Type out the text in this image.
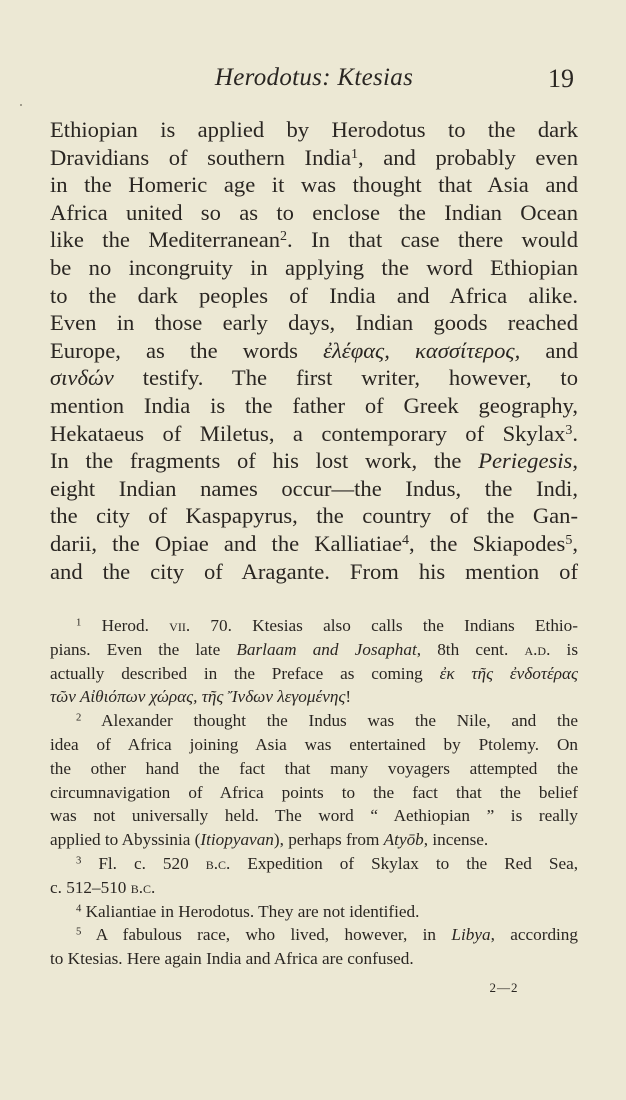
Herodotus: Ktesias	19
Ethiopian is applied by Herodotus to the dark
Dravidians of southern India$^1$, and probably even
in the Homeric age it was thought that Asia and
Africa united so as to enclose the Indian Ocean
like the Mediterranean$^2$. In that case there would
be no incongruity in applying the word Ethiopian
to the dark peoples of India and Africa alike.
Even in those early days, Indian goods reached
Europe, as the words ἐλέφας, κασσίτερος, and
σινδών testify. The first writer, however, to
mention India is the father of Greek geography,
Hekataeus of Miletus, a contemporary of Skylax$^3$.
In the fragments of his lost work, the Periegesis,
eight Indian names occur—the Indus, the Indi,
the city of Kaspapyrus, the country of the Gan-
darii, the Opiae and the Kalliatiae$^4$, the Skiapodes$^5$,
and the city of Aragante. From his mention of
$^1$ Herod. vii. 70. Ktesias also calls the Indians Ethio-
pians. Even the late Barlaam and Josaphat, 8th cent. a.d. is
actually described in the Preface as coming ἐκ τῆς ἐνδοτέρας
τῶν Αἰθιόπων χώρας, τῆς Ἴνδων λεγομένης!
$^2$ Alexander thought the Indus was the Nile, and the
idea of Africa joining Asia was entertained by Ptolemy. On
the other hand the fact that many voyagers attempted the
circumnavigation of Africa points to the fact that the belief
was not universally held. The word “ Aethiopian ” is really
applied to Abyssinia (Itiopyavan), perhaps from Atyōb, incense.
$^3$ Fl. c. 520 b.c. Expedition of Skylax to the Red Sea,
c. 512–510 b.c.
$^4$ Kaliantiae in Herodotus. They are not identified.
$^5$ A fabulous race, who lived, however, in Libya, according
to Ktesias. Here again India and Africa are confused.
2—2
